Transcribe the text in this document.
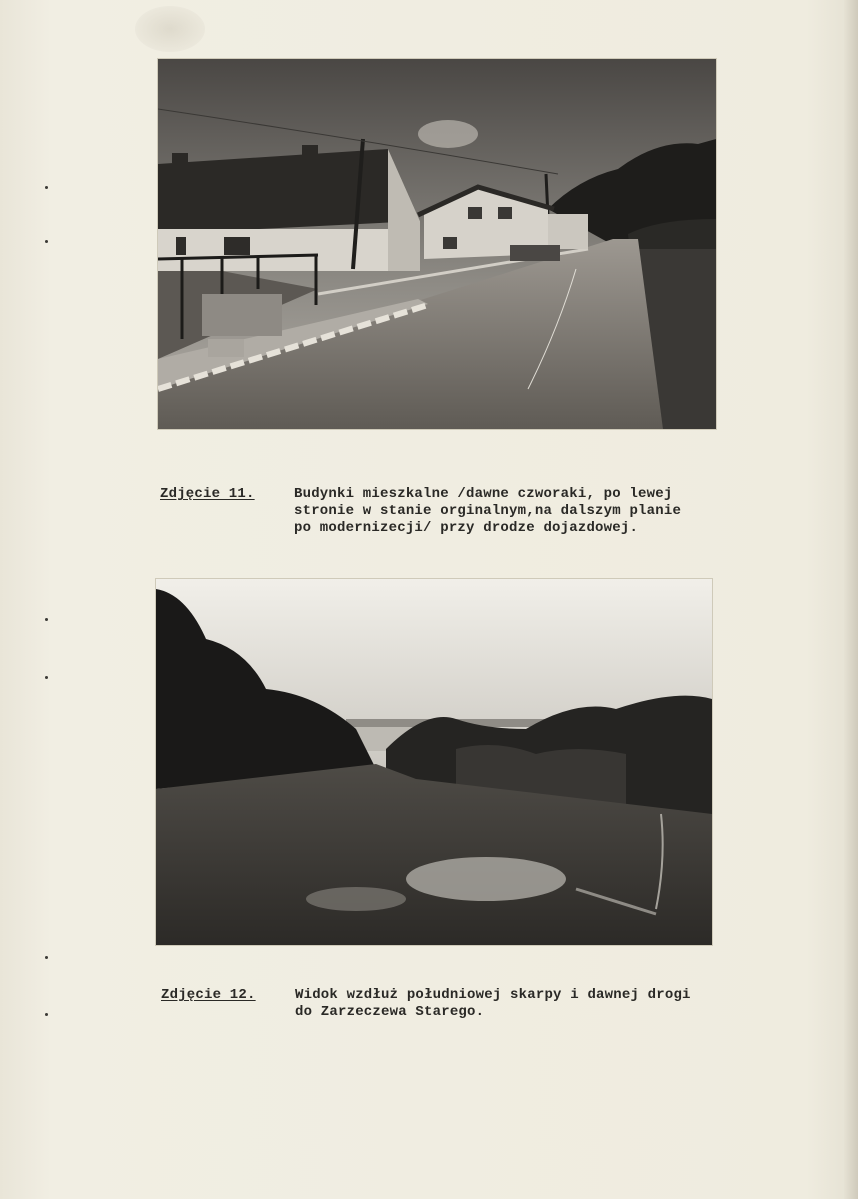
Zdjęcie 11.	Budynki mieszkalne /dawne czworaki, po lewej
stronie w stanie orginalnym,na dalszym planie
po modernizecji/ przy drodze dojazdowej.
Zdjęcie 12.	Widok wzdłuż południowej skarpy i dawnej drogi
do Zarzeczewa Starego.
